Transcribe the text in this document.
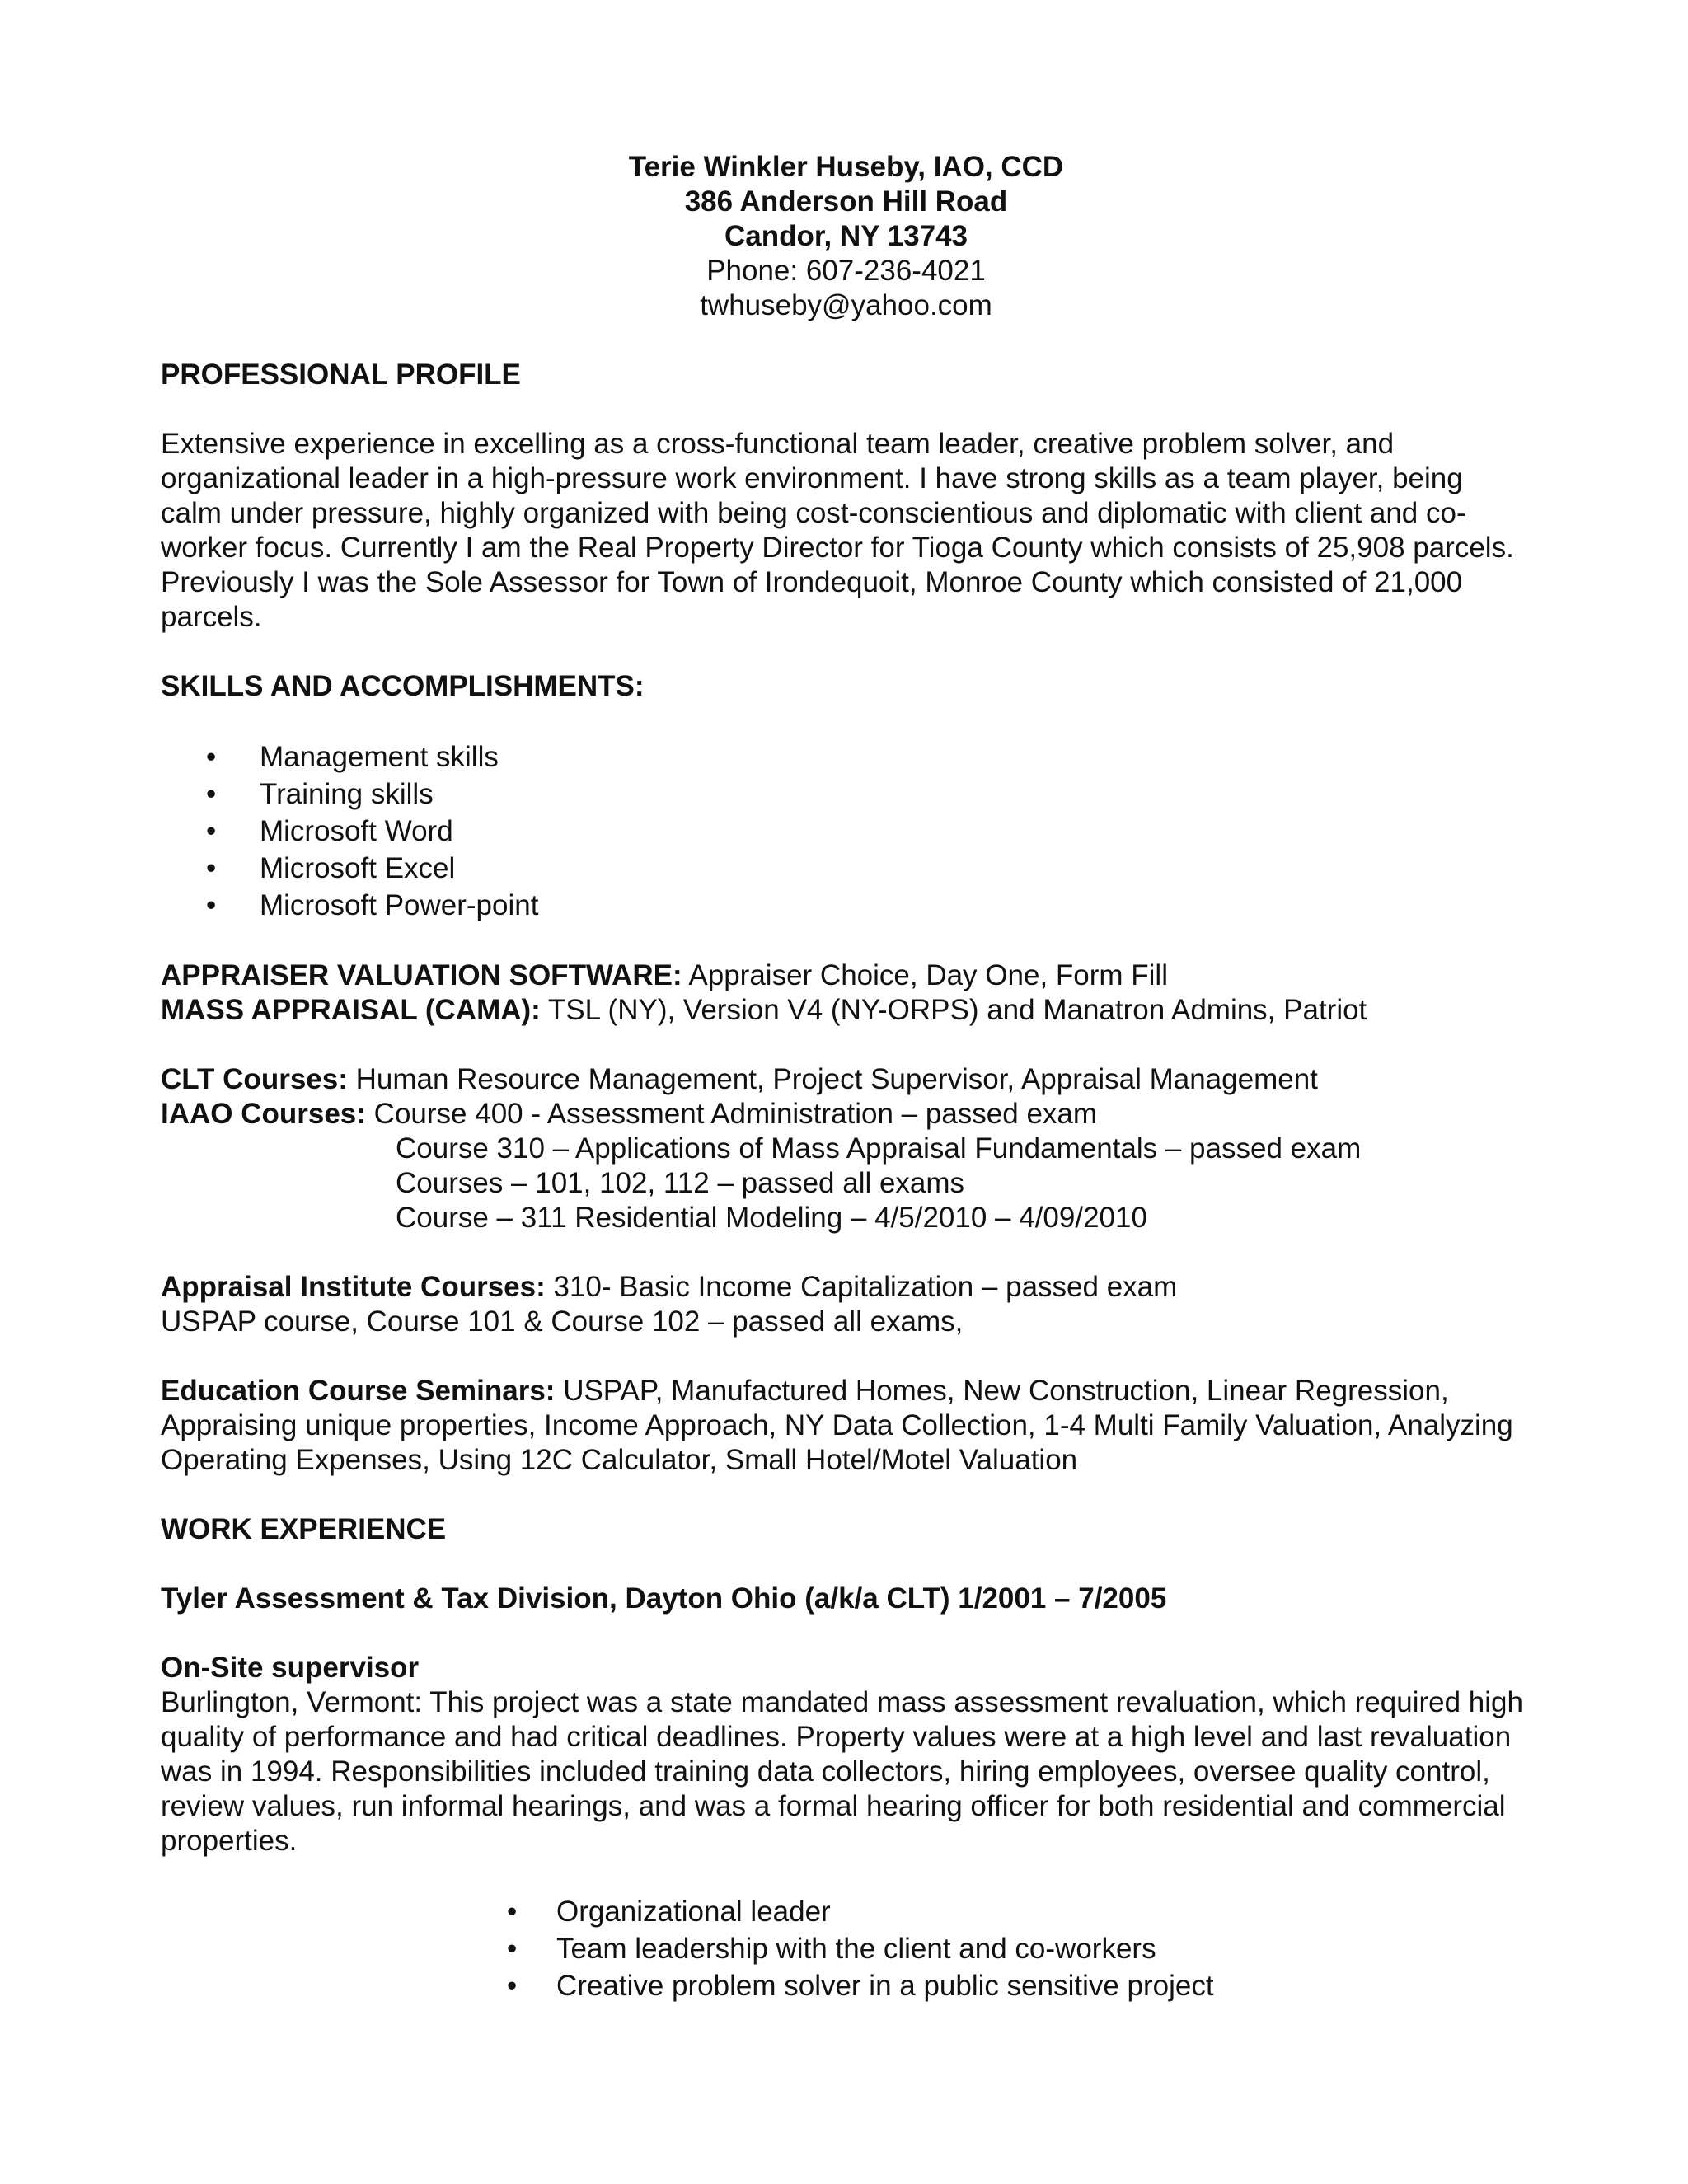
Terie Winkler Huseby, IAO, CCD
386 Anderson Hill Road
Candor, NY 13743
Phone: 607-236-4021
twhuseby@yahoo.com

PROFESSIONAL PROFILE

Extensive experience in excelling as a cross-functional team leader, creative problem solver, and organizational leader in a high-pressure work environment. I have strong skills as a team player, being calm under pressure, highly organized with being cost-conscientious and diplomatic with client and co-worker focus. Currently I am the Real Property Director for Tioga County which consists of 25,908 parcels. Previously I was the Sole Assessor for Town of Irondequoit, Monroe County which consisted of 21,000 parcels.

SKILLS AND ACCOMPLISHMENTS:

• Management skills
• Training skills
• Microsoft Word
• Microsoft Excel
• Microsoft Power-point

APPRAISER VALUATION SOFTWARE: Appraiser Choice, Day One, Form Fill

MASS APPRAISAL (CAMA): TSL (NY), Version V4 (NY-ORPS) and Manatron Admins, Patriot

CLT Courses: Human Resource Management, Project Supervisor, Appraisal Management

IAAO Courses: Course 400 - Assessment Administration – passed exam
Course 310 – Applications of Mass Appraisal Fundamentals – passed exam
Courses – 101, 102, 112 – passed all exams
Course – 311 Residential Modeling – 4/5/2010 – 4/09/2010

Appraisal Institute Courses: 310- Basic Income Capitalization – passed exam

USPAP course, Course 101 & Course 102 – passed all exams,

Education Course Seminars: USPAP, Manufactured Homes, New Construction, Linear Regression, Appraising unique properties, Income Approach, NY Data Collection, 1-4 Multi Family Valuation, Analyzing Operating Expenses, Using 12C Calculator, Small Hotel/Motel Valuation

WORK EXPERIENCE

Tyler Assessment & Tax Division, Dayton Ohio (a/k/a CLT) 1/2001 – 7/2005

On-Site supervisor

Burlington, Vermont: This project was a state mandated mass assessment revaluation, which required high quality of performance and had critical deadlines. Property values were at a high level and last revaluation was in 1994. Responsibilities included training data collectors, hiring employees, oversee quality control, review values, run informal hearings, and was a formal hearing officer for both residential and commercial properties.

• Organizational leader
• Team leadership with the client and co-workers
• Creative problem solver in a public sensitive project
